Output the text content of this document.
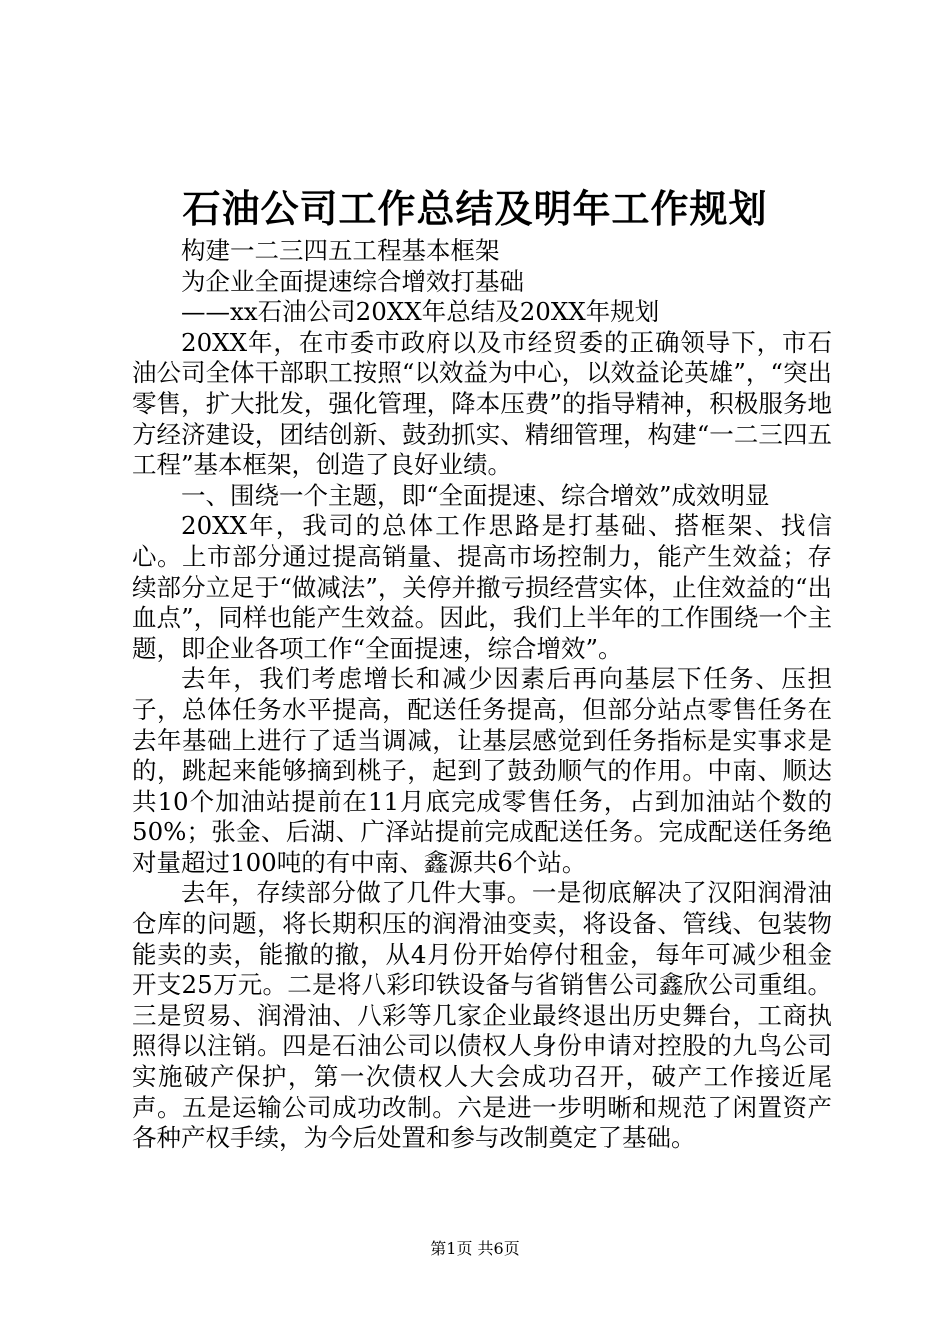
石油公司工作总结及明年工作规划

构建一二三四五工程基本框架

为企业全面提速综合增效打基础

——xx石油公司20XX年总结及20XX年规划

20XX年，在市委市政府以及市经贸委的正确领导下，市石油公司全体干部职工按照“以效益为中心，以效益论英雄”，“突出零售，扩大批发，强化管理，降本压费”的指导精神，积极服务地方经济建设，团结创新、鼓劲抓实、精细管理，构建“一二三四五工程”基本框架，创造了良好业绩。

一、围绕一个主题，即“全面提速、综合增效”成效明显

20XX年，我司的总体工作思路是打基础、搭框架、找信心。上市部分通过提高销量、提高市场控制力，能产生效益；存续部分立足于“做减法”，关停并撤亏损经营实体，止住效益的“出血点”，同样也能产生效益。因此，我们上半年的工作围绕一个主题，即企业各项工作“全面提速，综合增效”。

去年，我们考虑增长和减少因素后再向基层下任务、压担子，总体任务水平提高，配送任务提高，但部分站点零售任务在去年基础上进行了适当调减，让基层感觉到任务指标是实事求是的，跳起来能够摘到桃子，起到了鼓劲顺气的作用。中南、顺达共10个加油站提前在11月底完成零售任务，占到加油站个数的50%；张金、后湖、广泽站提前完成配送任务。完成配送任务绝对量超过100吨的有中南、鑫源共6个站。

去年，存续部分做了几件大事。一是彻底解决了汉阳润滑油仓库的问题，将长期积压的润滑油变卖，将设备、管线、包装物能卖的卖，能撤的撤，从4月份开始停付租金，每年可减少租金开支25万元。二是将八彩印铁设备与省销售公司鑫欣公司重组。三是贸易、润滑油、八彩等几家企业最终退出历史舞台，工商执照得以注销。四是石油公司以债权人身份申请对控股的九鸟公司实施破产保护，第一次债权人大会成功召开，破产工作接近尾声。五是运输公司成功改制。六是进一步明晰和规范了闲置资产各种产权手续，为今后处置和参与改制奠定了基础。

第1页 共6页
